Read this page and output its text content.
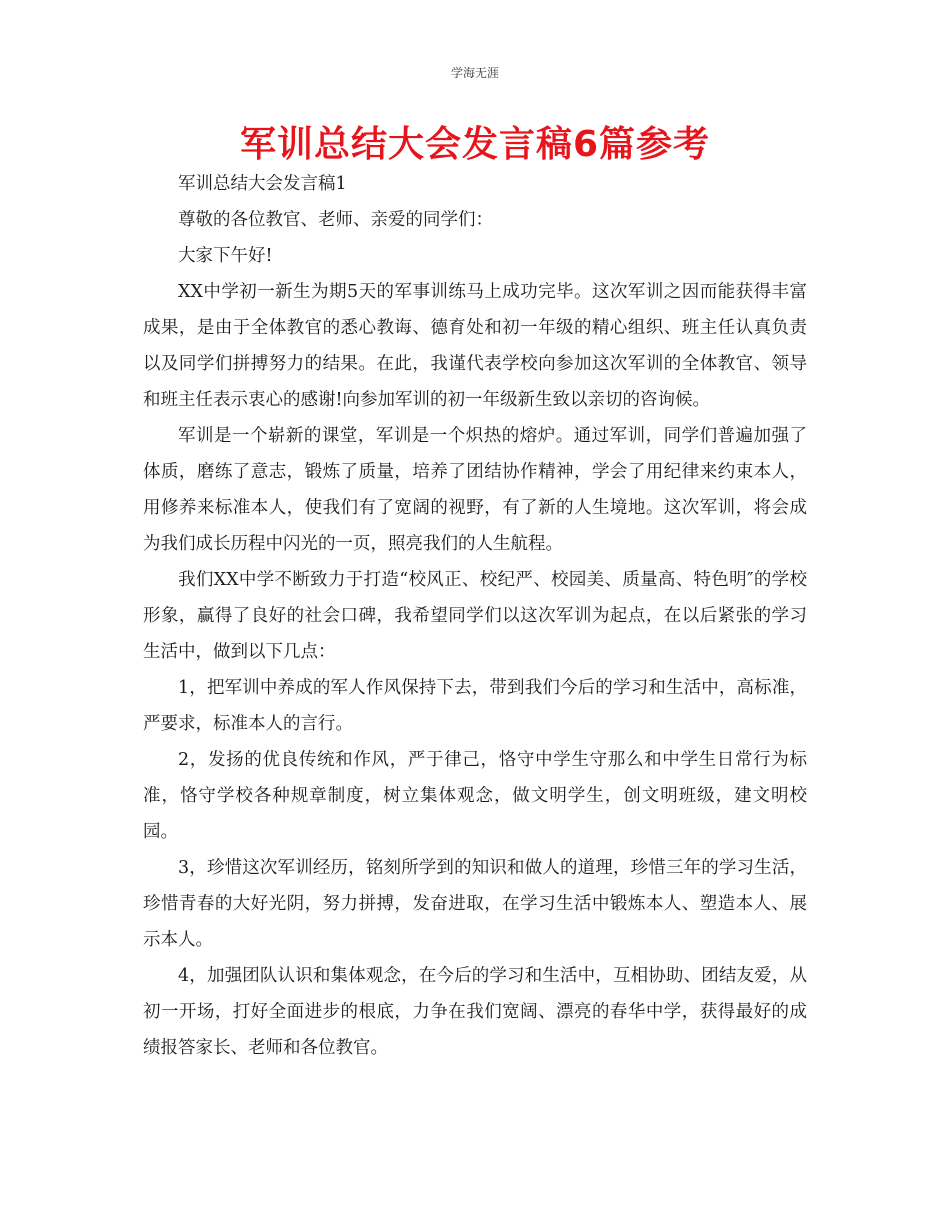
学海无涯
军训总结大会发言稿6篇参考

军训总结大会发言稿1

尊敬的各位教官、老师、亲爱的同学们：

大家下午好!

XX中学初一新生为期5天的军事训练马上成功完毕。这次军训之因而能获得丰富成果，是由于全体教官的悉心教诲、德育处和初一年级的精心组织、班主任认真负责以及同学们拼搏努力的结果。在此，我谨代表学校向参加这次军训的全体教官、领导和班主任表示衷心的感谢!向参加军训的初一年级新生致以亲切的咨询候。

军训是一个崭新的课堂，军训是一个炽热的熔炉。通过军训，同学们普遍加强了体质，磨练了意志，锻炼了质量，培养了团结协作精神，学会了用纪律来约束本人，用修养来标准本人，使我们有了宽阔的视野，有了新的人生境地。这次军训，将会成为我们成长历程中闪光的一页，照亮我们的人生航程。

我们XX中学不断致力于打造“校风正、校纪严、校园美、质量高、特色明″的学校形象，赢得了良好的社会口碑，我希望同学们以这次军训为起点，在以后紧张的学习生活中，做到以下几点：

1，把军训中养成的军人作风保持下去，带到我们今后的学习和生活中，高标准，严要求，标准本人的言行。

2，发扬的优良传统和作风，严于律己，恪守中学生守那么和中学生日常行为标准，恪守学校各种规章制度，树立集体观念，做文明学生，创文明班级，建文明校园。

3，珍惜这次军训经历，铭刻所学到的知识和做人的道理，珍惜三年的学习生活，珍惜青春的大好光阴，努力拼搏，发奋进取，在学习生活中锻炼本人、塑造本人、展示本人。

4，加强团队认识和集体观念，在今后的学习和生活中，互相协助、团结友爱，从初一开场，打好全面进步的根底，力争在我们宽阔、漂亮的春华中学，获得最好的成绩报答家长、老师和各位教官。
